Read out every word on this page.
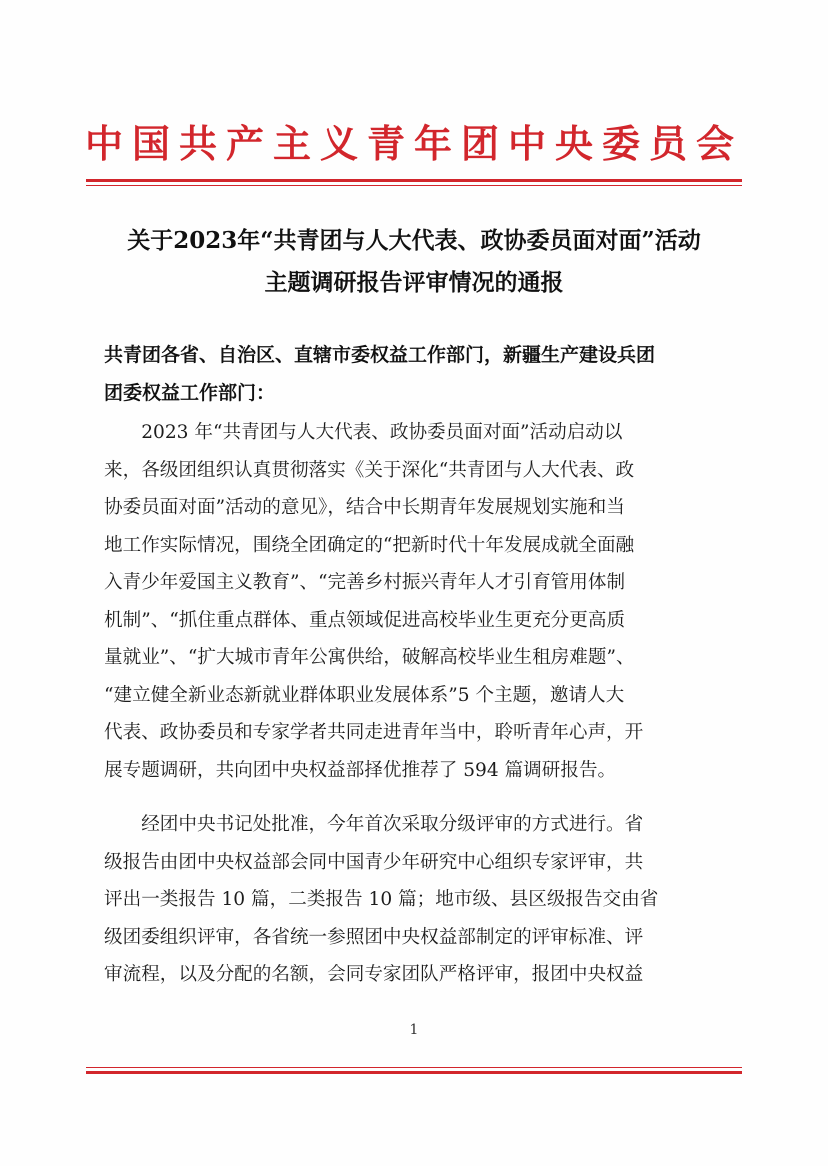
中国共产主义青年团中央委员会
关于2023年“共青团与人大代表、政协委员面对面”活动
主题调研报告评审情况的通报
共青团各省、自治区、直辖市委权益工作部门，新疆生产建设兵团
团委权益工作部门：
　　2023 年“共青团与人大代表、政协委员面对面”活动启动以
来，各级团组织认真贯彻落实《关于深化“共青团与人大代表、政
协委员面对面”活动的意见》，结合中长期青年发展规划实施和当
地工作实际情况，围绕全团确定的“把新时代十年发展成就全面融
入青少年爱国主义教育”、“完善乡村振兴青年人才引育管用体制
机制”、“抓住重点群体、重点领域促进高校毕业生更充分更高质
量就业”、“扩大城市青年公寓供给，破解高校毕业生租房难题”、
“建立健全新业态新就业群体职业发展体系”5 个主题，邀请人大
代表、政协委员和专家学者共同走进青年当中，聆听青年心声，开
展专题调研，共向团中央权益部择优推荐了 594 篇调研报告。
　　经团中央书记处批准，今年首次采取分级评审的方式进行。省
级报告由团中央权益部会同中国青少年研究中心组织专家评审，共
评出一类报告 10 篇，二类报告 10 篇；地市级、县区级报告交由省
级团委组织评审，各省统一参照团中央权益部制定的评审标准、评
审流程，以及分配的名额，会同专家团队严格评审，报团中央权益
1
